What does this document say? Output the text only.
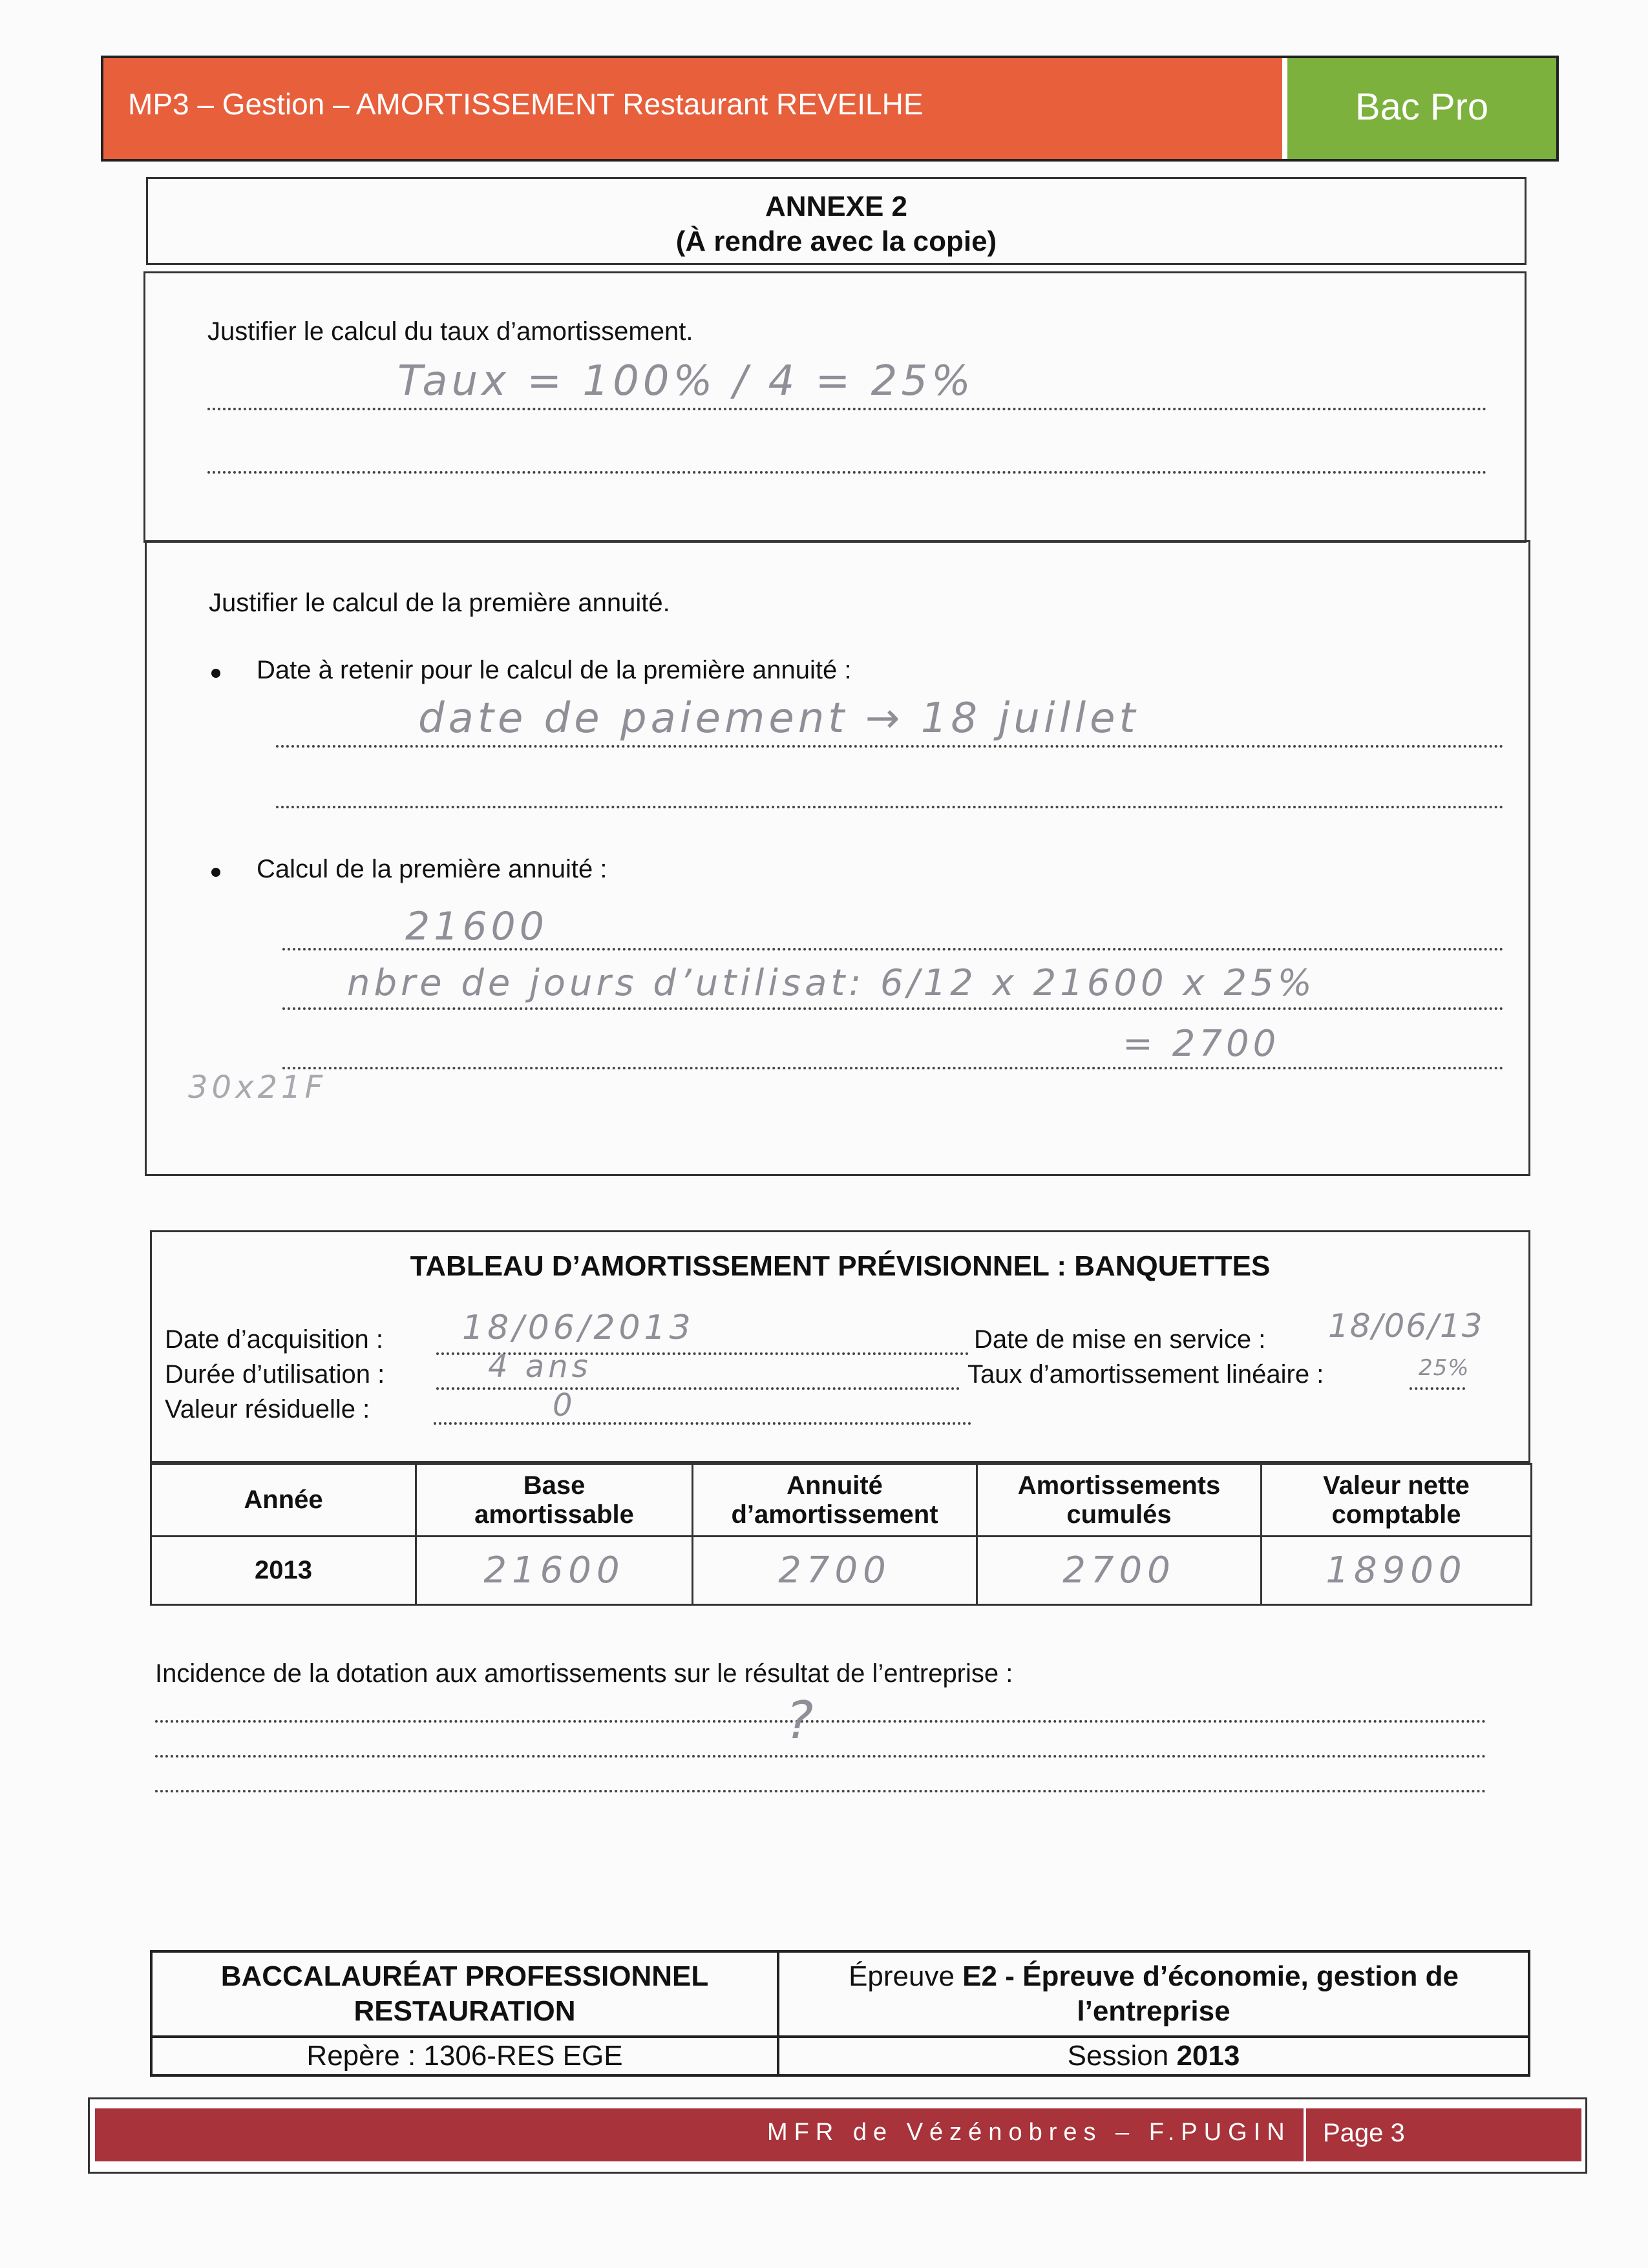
MP3 – Gestion – AMORTISSEMENT Restaurant REVEILHE	Bac Pro
ANNEXE 2
(À rendre avec la copie)
Justifier le calcul du taux d’amortissement.
Taux = 100% / 4 = 25%
Justifier le calcul de la première annuité.
Date à retenir pour le calcul de la première annuité :
date de paiement → 18 juillet
Calcul de la première annuité :
21600
nbre de jours d’utilisat: 6/12 x 21600 x 25%
= 2700
30x21F
TABLEAU D’AMORTISSEMENT PRÉVISIONNEL : BANQUETTES
Date d’acquisition : 18/06/2013	Date de mise en service : 18/06/13
Durée d’utilisation :	4 ans	Taux d’amortissement linéaire :	25%
Valeur résiduelle :	0
Année	Base amortissable	Annuité d’amortissement	Amortissements cumulés	Valeur nette comptable
2013	21600	2700	2700	18900
Incidence de la dotation aux amortissements sur le résultat de l’entreprise :
?
BACCALAURÉAT PROFESSIONNEL RESTAURATION	Épreuve E2 - Épreuve d’économie, gestion de l’entreprise
Repère : 1306-RES EGE	Session 2013
MFR de Vézénobres – F.PUGIN Page 3
